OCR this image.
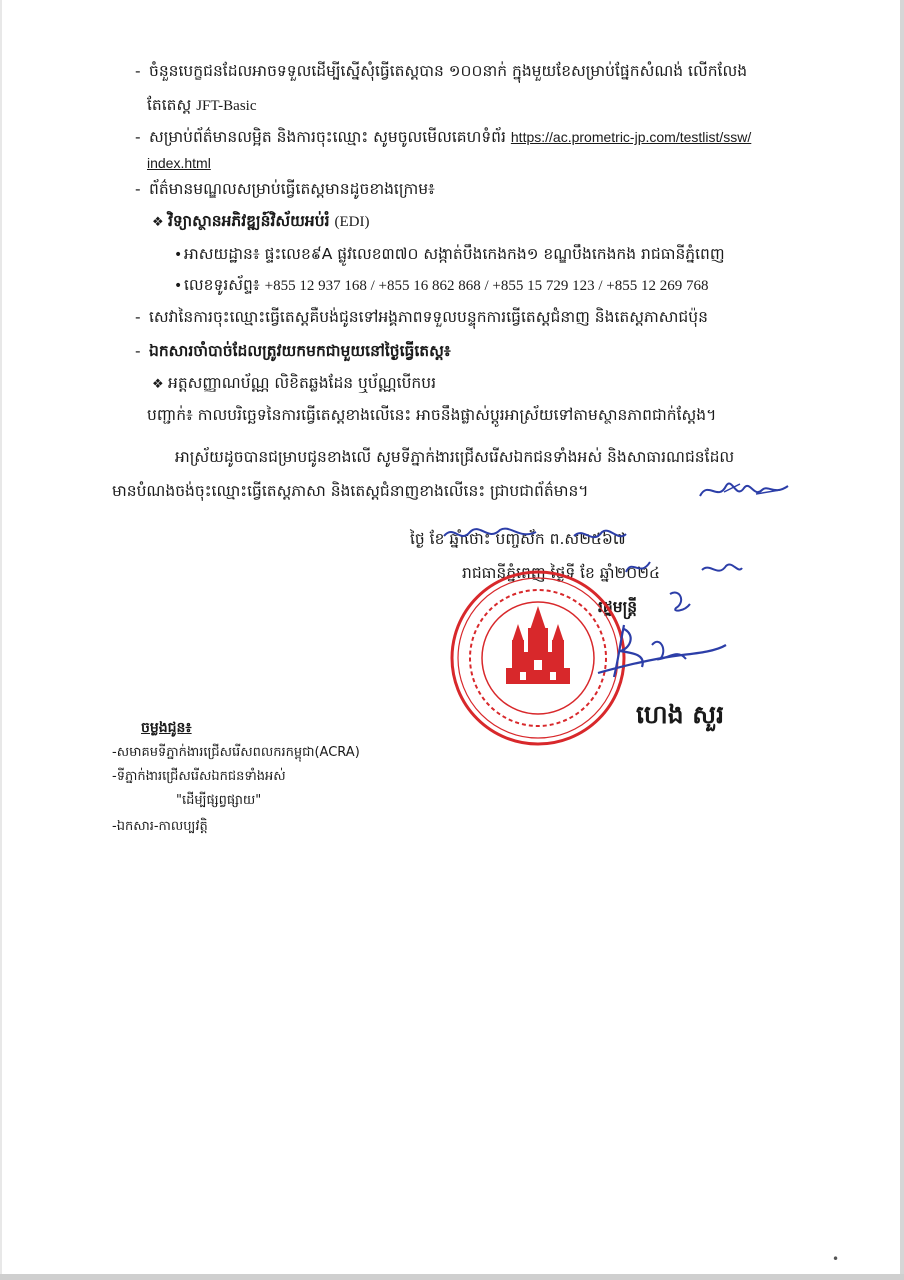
- ចំនួនបេក្ខជនដែលអាចទទួលដើម្បីស្នើសុំធ្វើតេស្តបាន ១០០នាក់ ក្នុងមួយខែសម្រាប់ផ្នែកសំណង់ លើកលែង
តែតេស្ត JFT-Basic
- សម្រាប់ព័ត៌មានលម្អិត និងការចុះឈ្មោះ សូមចូលមើលគេហទំព័រ https://ac.prometric-jp.com/testlist/ssw/
index.html
- ព័ត៌មានមណ្ឌលសម្រាប់ធ្វើតេស្តមានដូចខាងក្រោម៖
❖ វិទ្យាស្ថានអភិវឌ្ឍន៍វិស័យអប់រំ (EDI)
• អាសយដ្ឋាន៖ ផ្ទះលេខ៩A ផ្លូវលេខ៣៧០ សង្កាត់បឹងកេងកង១ ខណ្ឌបឹងកេងកង រាជធានីភ្នំពេញ
• លេខទូរស័ព្ទ៖ +855 12 937 168 / +855 16 862 868 / +855 15 729 123 / +855 12 269 768
- សេវានៃការចុះឈ្មោះធ្វើតេស្តគឺបង់ជូនទៅអង្គភាពទទួលបន្ទុកការធ្វើតេស្តជំនាញ និងតេស្តភាសាជប៉ុន
- ឯកសារចាំបាច់ដែលត្រូវយកមកជាមួយនៅថ្ងៃធ្វើតេស្ត៖
❖ អត្តសញ្ញាណប័ណ្ណ លិខិតឆ្លងដែន ឬប័ណ្ណបើកបរ
បញ្ជាក់៖ កាលបរិច្ឆេទនៃការធ្វើតេស្តខាងលើនេះ អាចនឹងផ្លាស់ប្តូរអាស្រ័យទៅតាមស្ថានភាពជាក់ស្តែង។
អាស្រ័យដូចបានជម្រាបជូនខាងលើ សូមទីភ្នាក់ងារជ្រើសរើសឯកជនទាំងអស់ និងសាធារណជនដែល
មានបំណងចង់ចុះឈ្មោះធ្វើតេស្តភាសា និងតេស្តជំនាញខាងលើនេះ ជ្រាបជាព័ត៌មាន។
ថ្ងៃ ខែ ឆ្នាំថោះ បញ្ចស័ក ព.ស២៥៦៧
រាជធានីភ្នំពេញ ថ្ងៃទី ខែ ឆ្នាំ២០២៤
រដ្ឋមន្ត្រី
ហេង សួរ
ចម្លងជូន៖
-សមាគមទីភ្នាក់ងារជ្រើសរើសពលករកម្ពុជា(ACRA)
-ទីភ្នាក់ងារជ្រើសរើសឯកជនទាំងអស់
"ដើម្បីផ្សព្វផ្សាយ"
-ឯកសារ-កាលប្បវត្តិ
•
